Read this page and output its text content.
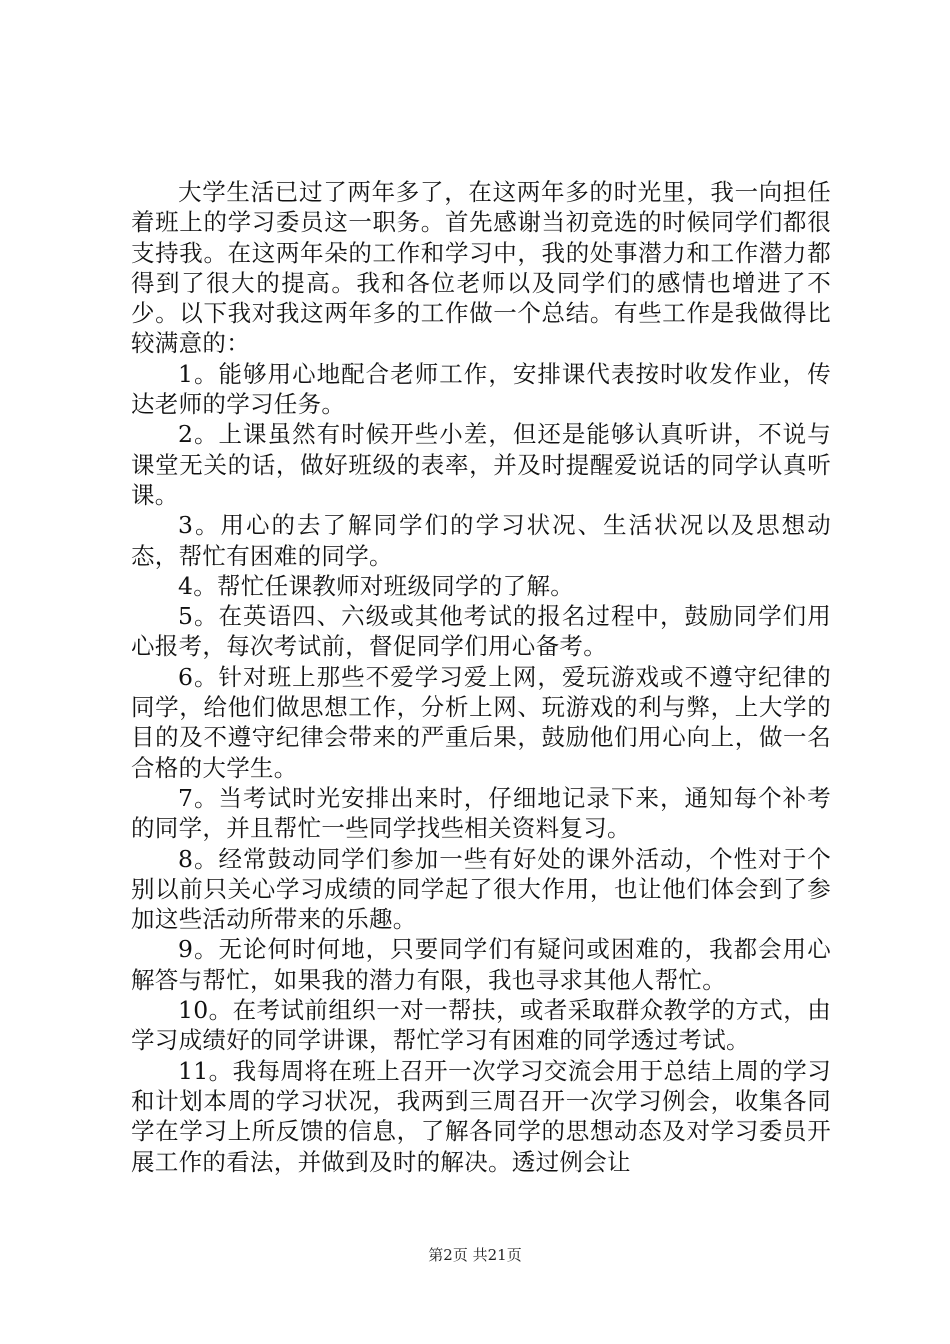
大学生活已过了两年多了，在这两年多的时光里，我一向担任着班上的学习委员这一职务。首先感谢当初竞选的时候同学们都很支持我。在这两年朵的工作和学习中，我的处事潜力和工作潜力都得到了很大的提高。我和各位老师以及同学们的感情也增进了不少。以下我对我这两年多的工作做一个总结。有些工作是我做得比较满意的：

1。能够用心地配合老师工作，安排课代表按时收发作业，传达老师的学习任务。

2。上课虽然有时候开些小差，但还是能够认真听讲，不说与课堂无关的话，做好班级的表率，并及时提醒爱说话的同学认真听课。

3。用心的去了解同学们的学习状况、生活状况以及思想动态，帮忙有困难的同学。

4。帮忙任课教师对班级同学的了解。

5。在英语四、六级或其他考试的报名过程中，鼓励同学们用心报考，每次考试前，督促同学们用心备考。

6。针对班上那些不爱学习爱上网，爱玩游戏或不遵守纪律的同学，给他们做思想工作，分析上网、玩游戏的利与弊，上大学的目的及不遵守纪律会带来的严重后果，鼓励他们用心向上，做一名合格的大学生。

7。当考试时光安排出来时，仔细地记录下来，通知每个补考的同学，并且帮忙一些同学找些相关资料复习。

8。经常鼓动同学们参加一些有好处的课外活动，个性对于个别以前只关心学习成绩的同学起了很大作用，也让他们体会到了参加这些活动所带来的乐趣。

9。无论何时何地，只要同学们有疑问或困难的，我都会用心解答与帮忙，如果我的潜力有限，我也寻求其他人帮忙。

10。在考试前组织一对一帮扶，或者采取群众教学的方式，由学习成绩好的同学讲课，帮忙学习有困难的同学透过考试。

11。我每周将在班上召开一次学习交流会用于总结上周的学习和计划本周的学习状况，我两到三周召开一次学习例会，收集各同学在学习上所反馈的信息，了解各同学的思想动态及对学习委员开展工作的看法，并做到及时的解决。透过例会让

第2页 共21页
